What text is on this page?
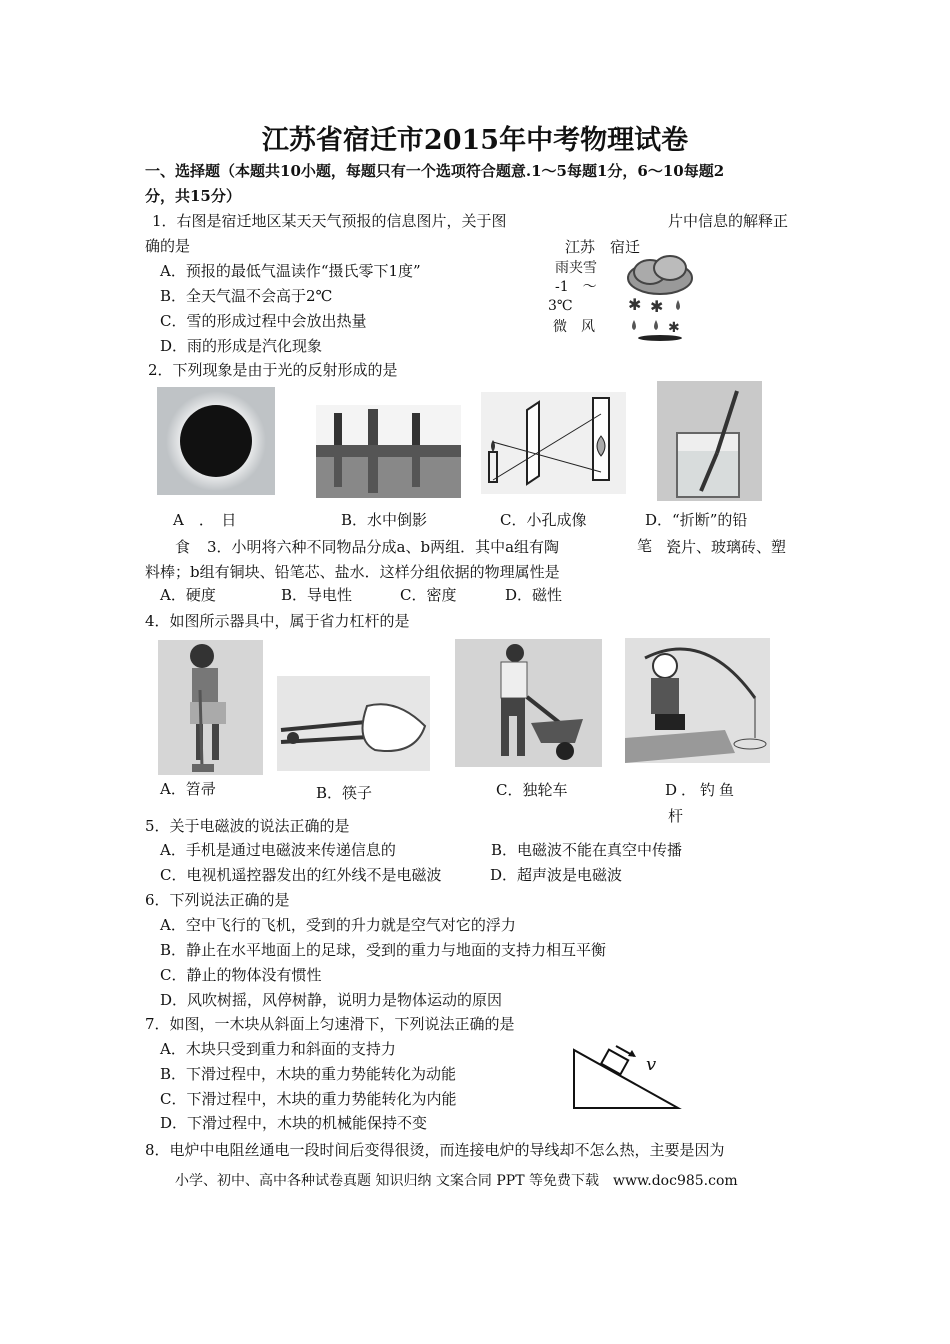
江苏省宿迁市2015年中考物理试卷
一、选择题（本题共10小题，每题只有一个选项符合题意.1～5每题1分，6～10每题2
分，共15分）
1．右图是宿迁地区某天天气预报的信息图片，关于图	片中信息的解释正
确的是
A．预报的最低气温读作“摄氏零下1度”
B．全天气温不会高于2℃
C．雪的形成过程中会放出热量
D．雨的形成是汽化现象
江苏　宿迁
雨夹雪
-1　～
3℃
微　风
✱ ✱
✱
2．下列现象是由于光的反射形成的是
A　．　日	B．水中倒影	C．小孔成像	D．“折断”的铅
食	笔
3．小明将六种不同物品分成a、b两组．其中a组有陶	瓷片、玻璃砖、塑
料棒；b组有铜块、铅笔芯、盐水．这样分组依据的物理属性是
A．硬度	B．导电性	C．密度	D．磁性
4．如图所示器具中，属于省力杠杆的是
A．笤帚	B．筷子	C．独轮车	D．钓鱼
杆
5．关于电磁波的说法正确的是
A．手机是通过电磁波来传递信息的	B．电磁波不能在真空中传播
C．电视机遥控器发出的红外线不是电磁波	D．超声波是电磁波
6．下列说法正确的是
A．空中飞行的飞机，受到的升力就是空气对它的浮力
B．静止在水平地面上的足球，受到的重力与地面的支持力相互平衡
C．静止的物体没有惯性
D．风吹树摇，风停树静，说明力是物体运动的原因
7．如图，一木块从斜面上匀速滑下，下列说法正确的是
A．木块只受到重力和斜面的支持力
B．下滑过程中，木块的重力势能转化为动能
C．下滑过程中，木块的重力势能转化为内能
D．下滑过程中，木块的机械能保持不变
v
8．电炉中电阻丝通电一段时间后变得很烫，而连接电炉的导线却不怎么热，主要是因为
小学、初中、高中各种试卷真题 知识归纳 文案合同 PPT 等免费下载　www.doc985.com
